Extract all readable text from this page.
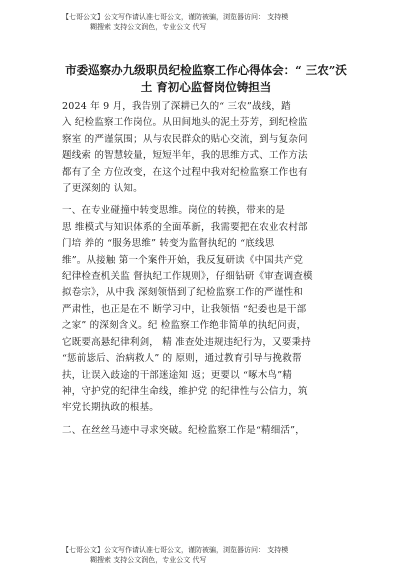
【七哥公文】公文写作请认准七哥公文，谨防被骗，浏览器访问： 支持模
糊搜索 支持公文润色，专业公文 代写
市委巡察办九级职员纪检监察工作心得体会：“ 三农”沃
土 育初心监督岗位铸担当

2024 年 9 月，我告别了深耕已久的“ 三农”战线，踏
入 纪检监察工作岗位。从田间地头的泥土芬芳，到纪检监
察室 的严谨氛围；从与农民群众的贴心交流，到与复杂问
题线索 的智慧较量，短短半年，我的思维方式、工作方法
都有了全 方位改变，在这个过程中我对纪检监察工作也有
了更深刻的 认知。

一、在专业碰撞中转变思维。岗位的转换，带来的是
思 维模式与知识体系的全面革新，我需要把在农业农村部
门培 养的 “服务思维” 转变为监督执纪的 “底线思
维”。从接触 第一个案件开始，我反复研读《中国共产党
纪律检查机关监 督执纪工作规则》，仔细钻研《审查调查模
拟卷宗》，从中我 深刻领悟到了纪检监察工作的严谨性和
严肃性，也正是在不 断学习中，让我领悟 “纪委也是干部
之家” 的深刻含义。纪 检监察工作绝非简单的执纪问责，
它既要高悬纪律利剑， 精 准查处违规违纪行为，又要秉持
“惩前毖后、治病救人” 的 原则，通过教育引导与挽救帮
扶，让误入歧途的干部迷途知 返；更要以 “啄木鸟”精
神，守护党的纪律生命线，维护党 的纪律性与公信力，筑
牢党长期执政的根基。

二、在丝丝马迹中寻求突破。纪检监察工作是“精细活”，

【七哥公文】公文写作请认准七哥公文，谨防被骗，浏览器访问： 支持模
糊搜索 支持公文润色，专业公文 代写
